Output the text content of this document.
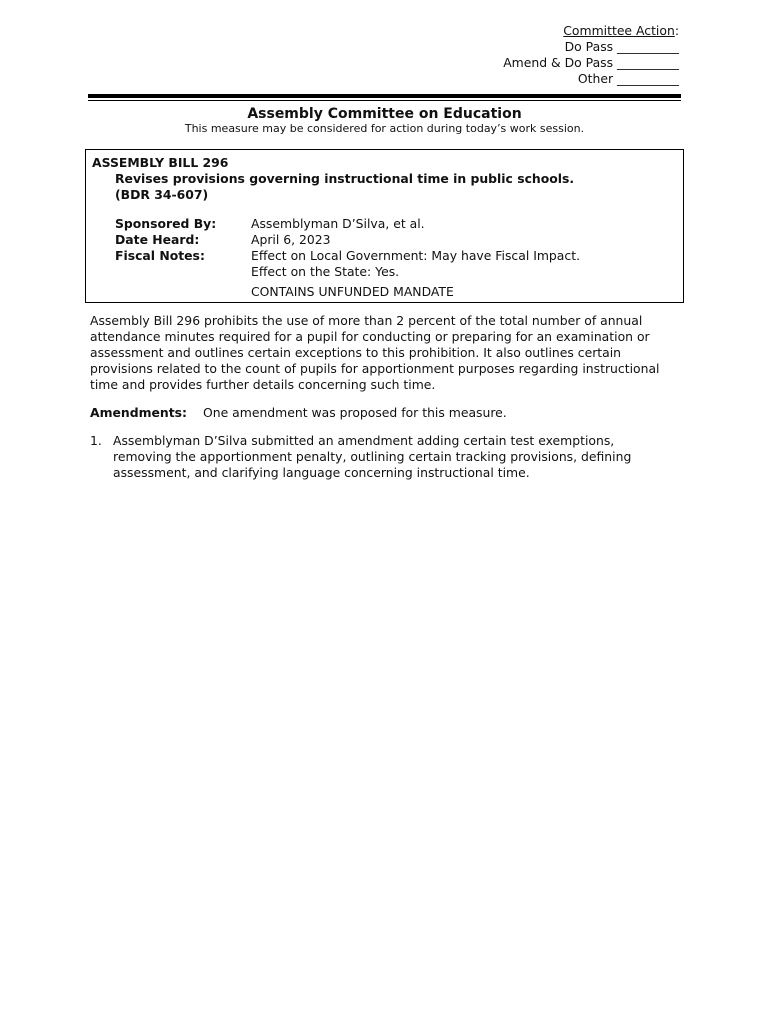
Committee Action:
Do Pass __________
Amend & Do Pass __________
Other __________
Assembly Committee on Education
This measure may be considered for action during today’s work session.
ASSEMBLY BILL 296
Revises provisions governing instructional time in public schools.
(BDR 34-607)
Sponsored By:	Assemblyman D’Silva, et al.
Date Heard:	April 6, 2023
Fiscal Notes:	Effect on Local Government: May have Fiscal Impact.
Effect on the State: Yes.
CONTAINS UNFUNDED MANDATE

Assembly Bill 296 prohibits the use of more than 2 percent of the total number of annual attendance minutes required for a pupil for conducting or preparing for an examination or assessment and outlines certain exceptions to this prohibition. It also outlines certain provisions related to the count of pupils for apportionment purposes regarding instructional time and provides further details concerning such time.

Amendments: One amendment was proposed for this measure.
1. Assemblyman D’Silva submitted an amendment adding certain test exemptions, removing the apportionment penalty, outlining certain tracking provisions, defining assessment, and clarifying language concerning instructional time.
